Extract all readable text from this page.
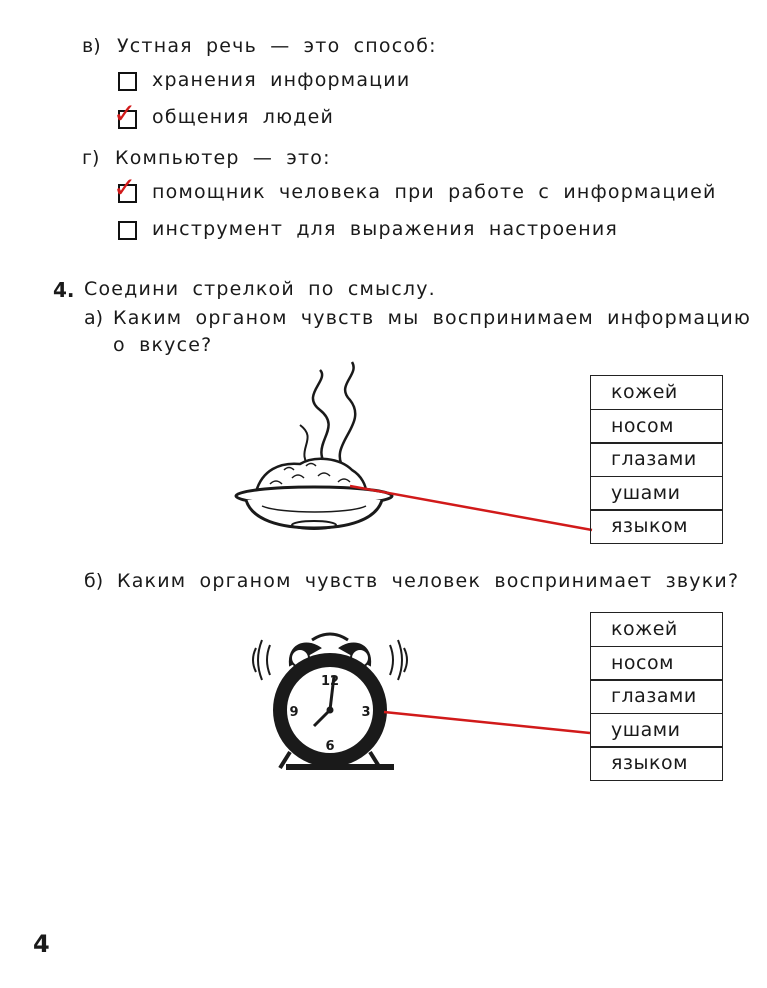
в) Устная речь — это способ:
хранения информации
✓ общения людей
г) Компьютер — это:
✓ помощник человека при работе с информацией
инструмент для выражения настроения
4. Соедини стрелкой по смыслу.
а) Каким органом чувств мы воспринимаем информацию
о вкусе?
12
3
6
9
кожей
носом
глазами
ушами
языком
б) Каким органом чувств человек воспринимает звуки?
кожей
носом
глазами
ушами
языком
4
